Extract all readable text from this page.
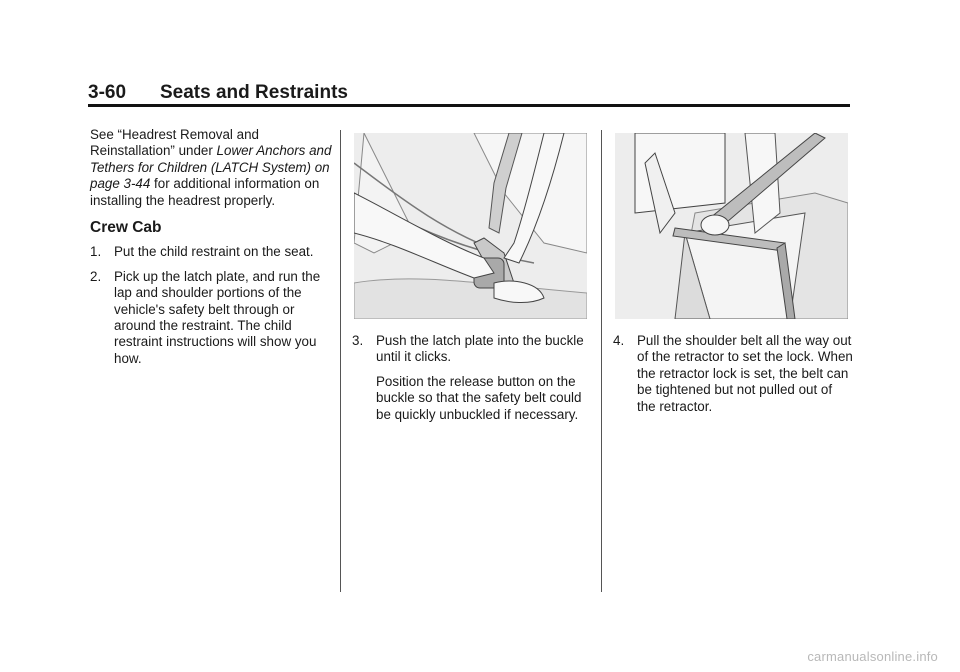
3-60 Seats and Restraints

See “Headrest Removal and Reinstallation” under Lower Anchors and Tethers for Children (LATCH System) on page 3-44 for additional information on installing the headrest properly.

Crew Cab

1. Put the child restraint on the seat.

2. Pick up the latch plate, and run the lap and shoulder portions of the vehicle's safety belt through or around the restraint. The child restraint instructions will show you how.

3. Push the latch plate into the buckle until it clicks.

Position the release button on the buckle so that the safety belt could be quickly unbuckled if necessary.

4. Pull the shoulder belt all the way out of the retractor to set the lock. When the retractor lock is set, the belt can be tightened but not pulled out of the retractor.

carmanualsonline.info
